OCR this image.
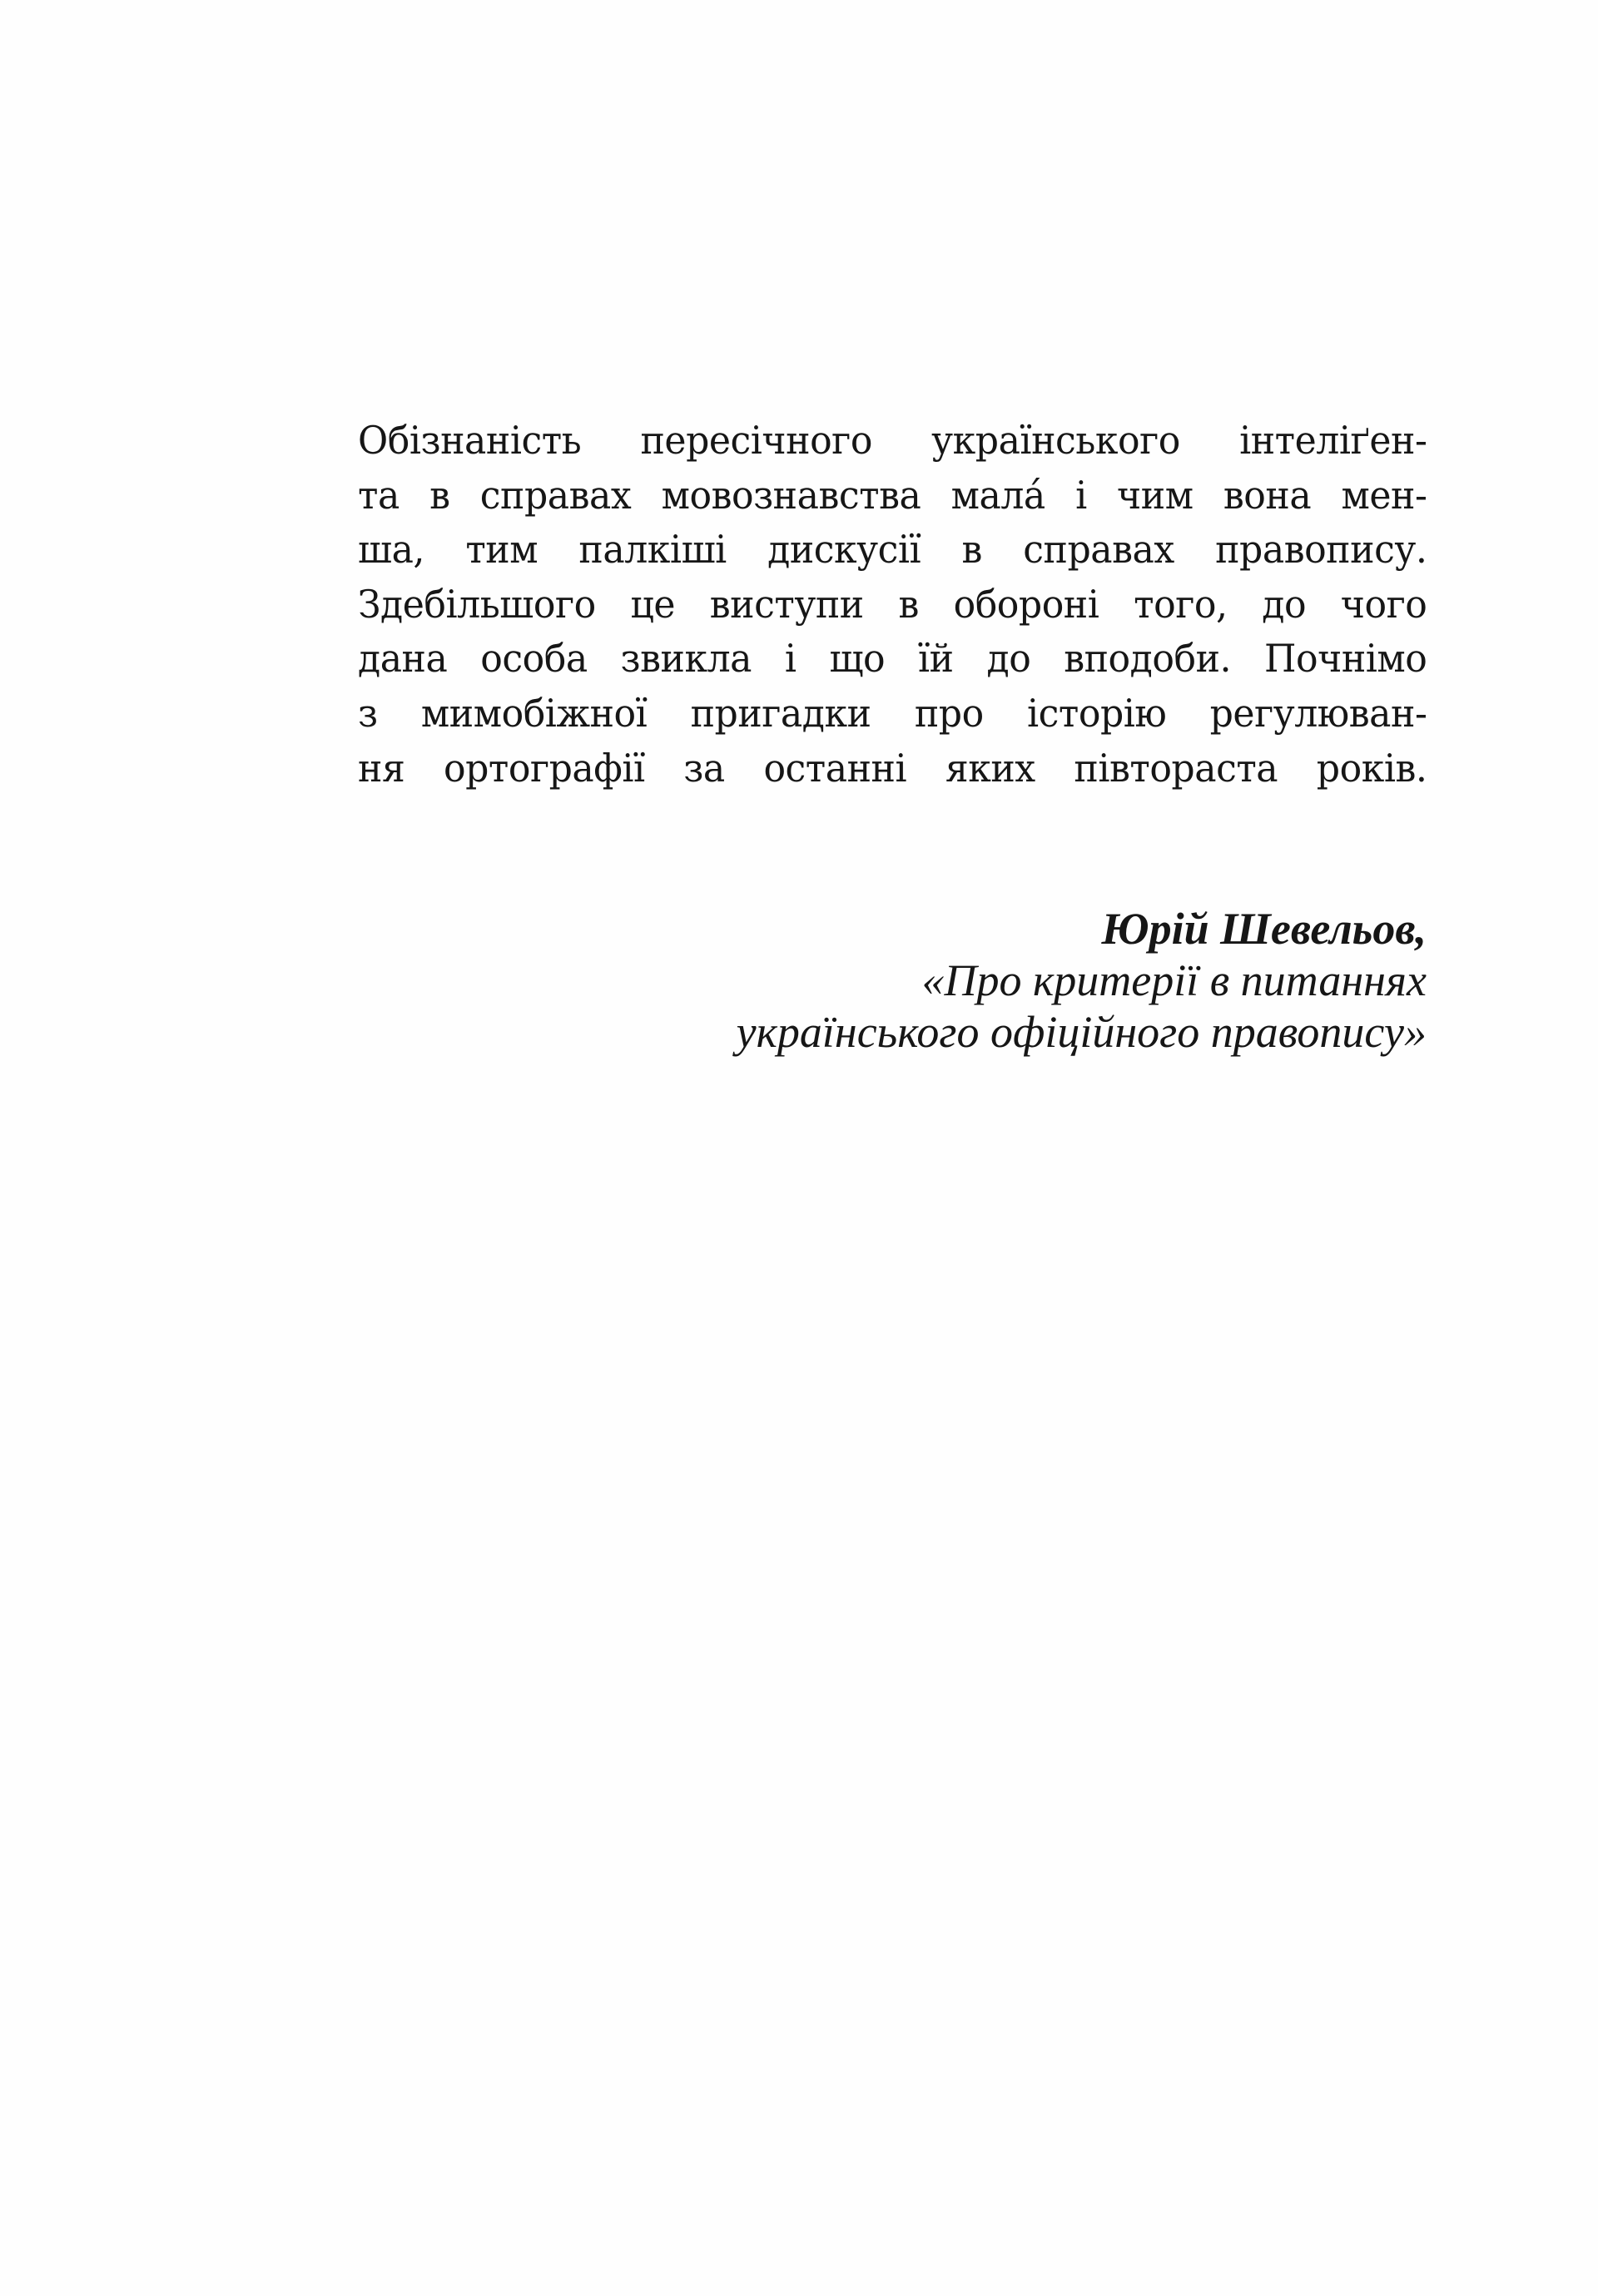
Обізнаність пересічного українського інтеліґен-
та в справах мовознавства малá і чим вона мен-
ша, тим палкіші дискусії в справах правопису.
Здебільшого це виступи в обороні того, до чого
дана особа звикла і що їй до вподоби. Почнімо
з мимобіжної пригадки про історію регулюван-
ня ортографії за останні яких півтораста років.
Юрій Шевельов,
«Про критерії в питаннях
українського офіційного правопису»
